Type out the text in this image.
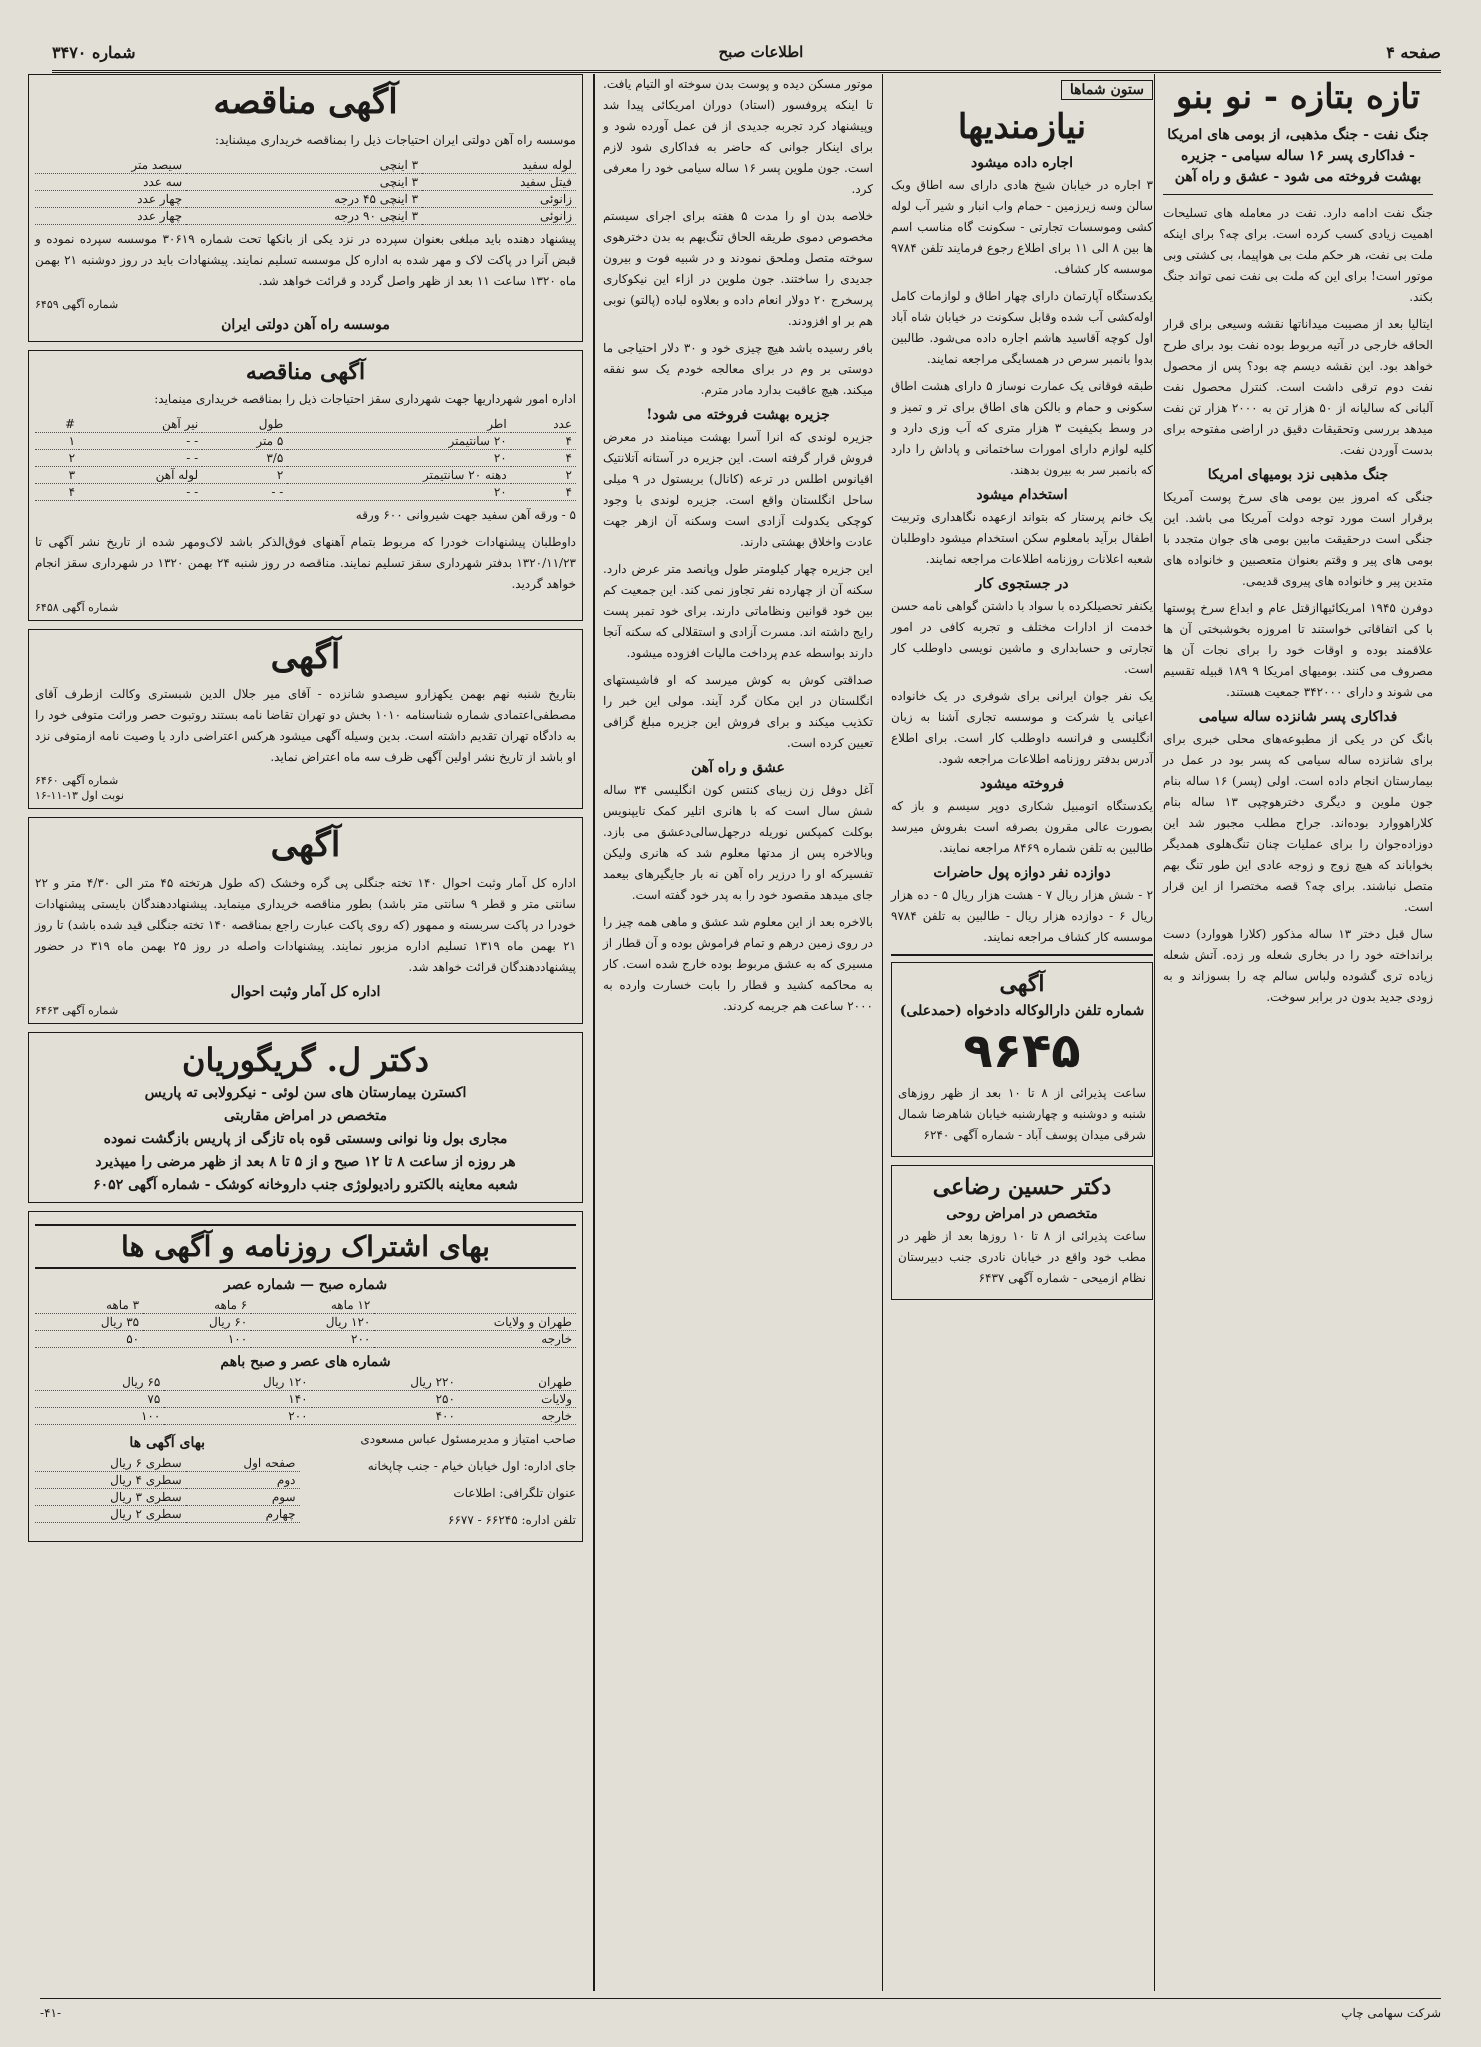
صفحه ۴
اطلاعات صبح
شماره ۳۴۷۰
تازه بتازه - نو بنو
جنگ نفت - جنگ مذهبی، از بومی های امریکا - فداکاری پسر ۱۶ ساله سیامی - جزیره بهشت فروخته می شود - عشق و راه آهن

جنگ نفت ادامه دارد. نفت در معامله های تسلیحات اهمیت زیادی کسب کرده است. برای چه؟ برای اینکه ملت بی نفت، هر حکم ملت بی هواپیما، بی کشتی وبی موتور است! برای این که ملت بی نفت نمی تواند جنگ بکند.

ایتالیا بعد از مصیبت میداناتها نقشه وسیعی برای قرار الحاقه خارجی در آتیه مربوط بوده نفت بود برای طرح خواهد بود. این نقشه دیسم چه بود؟ پس از محصول نفت دوم ترقی داشت است. کنترل محصول نفت آلبانی که سالیانه از ۵۰ هزار تن به ۲۰۰۰ هزار تن نفت میدهد بررسی وتحقیقات دقیق در اراضی مفتوحه برای بدست آوردن نفت.

جنگ مذهبی نزد بومیهای امریکا

جنگی که امروز بین بومی های سرخ پوست آمریکا برقرار است مورد توجه دولت آمریکا می باشد. این جنگی است درحقیقت مابین بومی های جوان متجدد با بومی های پیر و وقتم بعنوان متعصبین و خانواده های متدین پیر و خانواده های پیروی قدیمی.

دوفرن ۱۹۴۵ امریکائیهاازقتل عام و ابداع سرخ پوستها با کی اتفاقاتی خواستند تا امروزه بخوشبختی آن ها علاقمند بوده و اوقات خود را برای نجات آن ها مصروف می کنند. بومیهای امریکا ۹ ۱۸۹ قبیله تقسیم می شوند و دارای ۳۴۲۰۰۰ جمعیت هستند.

فداکاری پسر شانزده ساله سیامی

بانگ کن در یکی از مطبوعه‌های محلی خبری برای برای شانزده ساله سیامی که پسر بود در عمل در بیمارستان انجام داده است. اولی (پسر) ۱۶ ساله بنام جون ملوین و دیگری دخترهوچپی ۱۳ ساله بنام کلاراهووارد بوده‌اند. جراح مطلب مجبور شد این دوزاده‌جوان را برای عملیات چنان تنگ‌هلوی همدیگر بخواباند که هیچ زوج و زوجه عادی این طور تنگ بهم متصل نباشند. برای چه؟ قصه مختصرا از این قرار است.

سال قبل دختر ۱۳ ساله مذکور (کلارا هووارد) دست برانداخته خود را در بخاری شعله ور زده. آتش شعله زیاده تری گشوده ولباس سالم چه را بسوزاند و به زودی جدید بدون در برابر سوخت.

ستون شماها
نیازمندیها
اجاره داده میشود

۳ اجاره در خیابان شیخ هادی دارای سه اطاق وبک سالن وسه زیرزمین - حمام واب انبار و شیر آب لوله کشی وموسسات تجارتی - سکونت گاه مناسب اسم ها بین ۸ الی ۱۱ برای اطلاع رجوع فرمایند تلفن ۹۷۸۴ موسسه کار کشاف.

یکدستگاه آپارتمان دارای چهار اطاق و لوازمات کامل اوله‌کشی آب شده وقابل سکونت در خیابان شاه آباد اول کوچه آقاسید هاشم اجاره داده می‌شود. طالبین بدوا بانمبر سرص در همسایگی مراجعه نمایند.

طبقه فوقانی یک عمارت نوساز ۵ دارای هشت اطاق سکونی و حمام و بالکن های اطاق برای تر و تمیز و در وسط بکیفیت ۳ هزار متری که آب وزی دارد و کلیه لوازم دارای امورات ساختمانی و پاداش را دارد که بانمبر سر به بیرون بدهند.

استخدام میشود

یک خانم پرستار که بتواند ازعهده نگاهداری وتربیت اطفال برآید بامعلوم سکن استخدام میشود داوطلبان شعبه اعلانات روزنامه اطلاعات مراجعه نمایند.

در جستجوی کار

یکنفر تحصیلکرده با سواد با داشتن گواهی نامه حسن خدمت از ادارات مختلف و تجربه کافی در امور تجارتی و حسابداری و ماشین نویسی داوطلب کار است.

یک نفر جوان ایرانی برای شوفری در یک خانواده اعیانی یا شرکت و موسسه تجاری آشنا به زبان انگلیسی و فرانسه داوطلب کار است. برای اطلاع آدرس بدفتر روزنامه اطلاعات مراجعه شود.

فروخته میشود

یکدستگاه اتومبیل شکاری دوپر سیسم و باز که بصورت عالی مقرون بصرفه است بفروش میرسد طالبین به تلفن شماره ۸۴۶۹ مراجعه نمایند.

دوازده نفر دوازه پول حاضرات

۲ - شش هزار ریال ۷ - هشت هزار ریال ۵ - ده هزار ریال ۶ - دوازده هزار ریال - طالبین به تلفن ۹۷۸۴ موسسه کار کشاف مراجعه نمایند.

آگهی
شماره تلفن دارالوکاله دادخواه (حمدعلی)
۹۶۴۵

ساعت پذیرائی از ۸ تا ۱۰ بعد از ظهر روزهای شنبه و دوشنبه و چهارشنبه خیابان شاهرضا شمال شرقی میدان پوسف آباد - شماره آگهی ۶۲۴۰

دکتر حسین رضاعی
متخصص در امراض روحی

ساعت پذیرائی از ۸ تا ۱۰ روزها بعد از ظهر در مطب خود واقع در خیابان نادری جنب دبیرستان نظام ازمیحی - شماره آگهی ۶۴۳۷

موتور مسکن دیده و پوست بدن سوخته او التیام یافت. تا اینکه پروفسور (استاد) دوران امریکائی پیدا شد وپیشنهاد کرد تجربه جدیدی از فن عمل آورده شود و برای اینکار جوانی که حاضر به فداکاری شود لازم است. جون ملوین پسر ۱۶ ساله سیامی خود را معرفی کرد.

خلاصه بدن او را مدت ۵ هفته برای اجرای سیستم مخصوص دموی طریقه الحاق تنگ‌بهم به بدن دخترهوی سوخته متصل وملحق نمودند و در شبیه فوت و بیرون جدیدی را ساختند. جون ملوین در ازاء این نیکوکاری پرسخرج ۲۰ دولار انعام داده و بعلاوه لباده (پالتو) نوبی هم بر او افزودند.

بافر رسیده باشد هیچ چیزی خود و ۳۰ دلار احتیاجی ما دوستی بر وم در برای معالجه خودم یک سو نفقه میکند. هیچ عاقبت بدارد مادر مترم.

جزیره بهشت فروخته می شود!

جزیره لوندی که انرا آسرا بهشت مینامند در معرض فروش قرار گرفته است. این جزیره در آستانه آتلانتیک اقیانوس اطلس در ترعه (کانال) بریستول در ۹ میلی ساحل انگلستان واقع است. جزیره لوندی با وجود کوچکی یکدولت آزادی است وسکنه آن ازهر جهت عادت واخلاق بهشتی دارند.

این جزیره چهار کیلومتر طول وپانصد متر عرض دارد. سکنه آن از چهارده نفر تجاوز نمی کند. این جمعیت کم بین خود قوانین ونظاماتی دارند. برای خود تمبر پست رایج داشته اند. مسرت آزادی و استقلالی که سکنه آنجا دارند بواسطه عدم پرداخت مالیات افزوده میشود.

صداقتی کوش به کوش میرسد که او فاشیستهای انگلستان در این مکان گرد آیند. مولی این خبر را تکذیب میکند و برای فروش این جزیره مبلغ گزافی تعیین کرده است.

عشق و راه آهن

آغل دوفل زن زیبای کنتس کون انگلیسی ۳۴ ساله شش سال است که با هانری اتلیر کمک تایپنویس بوکلت کمپکس نوریله درجهل‌سالی‌دعشق می بازد. وبالاخره پس از مدتها معلوم شد که هانری ولیکن تفسیرکه او را درزیر راه آهن نه بار جایگیرهای بیعمد جای میدهد مقصود خود را به پدر خود گفته است.

بالاخره بعد از این معلوم شد عشق و ماهی همه چیز را در روی زمین درهم و تمام فراموش بوده و آن قطار از مسیری که به عشق مربوط بوده خارج شده است. کار به محاکمه کشید و قطار را بابت خسارت وارده به ۲۰۰۰ ساعت هم جریمه کردند.

آگهی مناقصه

موسسه راه آهن دولتی ایران احتیاجات ذیل را بمناقصه خریداری میشناید:

لوله سفید	۳ اینچی	سیصد متر
فیتل سفید	۳ اینچی	سه عدد
زانوئی	۳ اینچی ۴۵ درجه	چهار عدد
زانوئی	۳ اینچی ۹۰ درجه	چهار عدد

پیشنهاد دهنده باید مبلغی بعنوان سپرده در نزد یکی از بانکها تحت شماره ۳۰۶۱۹ موسسه سپرده نموده و قبض آنرا در پاکت لاک و مهر شده به اداره کل موسسه تسلیم نمایند. پیشنهادات باید در روز دوشنبه ۲۱ بهمن ماه ۱۳۲۰ ساعت ۱۱ بعد از ظهر واصل گردد و قرائت خواهد شد.

شماره آگهی ۶۴۵۹
موسسه راه آهن دولتی ایران
آگهی مناقصه

اداره امور شهرداریها جهت شهرداری سقز احتیاجات ذیل را بمناقصه خریداری مینماید:

عدد	اطر	طول	نیر آهن	#
۴	۲۰ سانتیمتر	۵ متر	- -	۱
۴	۲۰	۳/۵	- -	۲
۲	دهنه ۲۰ سانتیمتر	۲	لوله آهن	۳
۴	۲۰	- -	- -	۴

۵ - ورقه آهن سفید جهت شیروانی ۶۰۰ ورقه

داوطلبان پیشنهادات خودرا که مربوط بتمام آهنهای فوق‌الذکر باشد لاک‌ومهر شده از تاریخ نشر آگهی تا ۱۳۲۰/۱۱/۲۳ بدفتر شهرداری سقز تسلیم نمایند. مناقصه در روز شنبه ۲۴ بهمن ۱۳۲۰ در شهرداری سقز انجام خواهد گردید.

شماره آگهی ۶۴۵۸
آگهی

بتاریخ شنبه نهم بهمن یکهزارو سیصدو شانزده - آقای میر جلال الدین شبستری وکالت ازطرف آقای مصطفی‌اعتمادی شماره شناسنامه ۱۰۱۰ بخش دو تهران تقاضا نامه بستند روتبوت حصر وراثت متوفی خود را به دادگاه تهران تقدیم داشته است. بدین وسیله آگهی میشود هرکس اعتراضی دارد یا وصیت نامه ازمتوفی نزد او باشد از تاریخ نشر اولین آگهی ظرف سه ماه اعتراض نماید.

شماره آگهی ۶۴۶۰
نوبت اول ۱۳-۱۱-۱۶
آگهی

اداره کل آمار وثبت احوال ۱۴۰ تخته جنگلی پی گره وخشک (که طول هرتخته ۴۵ متر الی ۴/۳۰ متر و ۲۲ سانتی متر و قطر ۹ سانتی متر باشد) بطور مناقصه خریداری مینماید. پیشنهاددهندگان بایستی پیشنهادات خودرا در پاکت سربسته و ممهور (که روی پاکت عبارت راجع بمناقصه ۱۴۰ تخته جنگلی قید شده باشد) تا روز ۲۱ بهمن ماه ۱۳۱۹ تسلیم اداره مزبور نمایند. پیشنهادات واصله در روز ۲۵ بهمن ماه ۳۱۹ در حضور پیشنهاددهندگان قرائت خواهد شد.

اداره کل آمار وثبت احوال
شماره آگهی ۶۴۶۳
دکتر ل. گریگوریان

اکسترن بیمارستان های سن لوئی - نیکرولابی ته پاریس

متخصص در امراض مقاربتی

مجاری بول ونا نوانی وسستی قوه باه تازگی از پاریس بازگشت نموده

هر روزه از ساعت ۸ تا ۱۲ صبح و از ۵ تا ۸ بعد از ظهر مرضی را میپذیرد

شعبه معاینه بالکترو رادیولوژی جنب داروخانه کوشک - شماره آگهی ۶۰۵۲

بهای اشتراک روزنامه و آگهی ها
شماره صبح — شماره عصر
	۱۲ ماهه	۶ ماهه	۳ ماهه
طهران و ولایات	۱۲۰ ریال	۶۰ ریال	۳۵ ریال
خارجه	۲۰۰	۱۰۰	۵۰
شماره های عصر و صبح باهم
طهران	۲۲۰ ریال	۱۲۰ ریال	۶۵ ریال
ولایات	۲۵۰	۱۴۰	۷۵
خارجه	۴۰۰	۲۰۰	۱۰۰

صاحب امتیاز و مدیرمسئول عباس مسعودی

جای اداره: اول خیابان خیام - جنب چاپخانه

عنوان تلگرافی: اطلاعات

تلفن اداره: ۶۶۲۴۵ - ۶۶۷۷

بهای آگهی ها
صفحه اول	سطری ۶ ریال
دوم	سطری ۴ ریال
سوم	سطری ۳ ریال
چهارم	سطری ۲ ریال
شرکت سهامی چاپ
-۴۱-
